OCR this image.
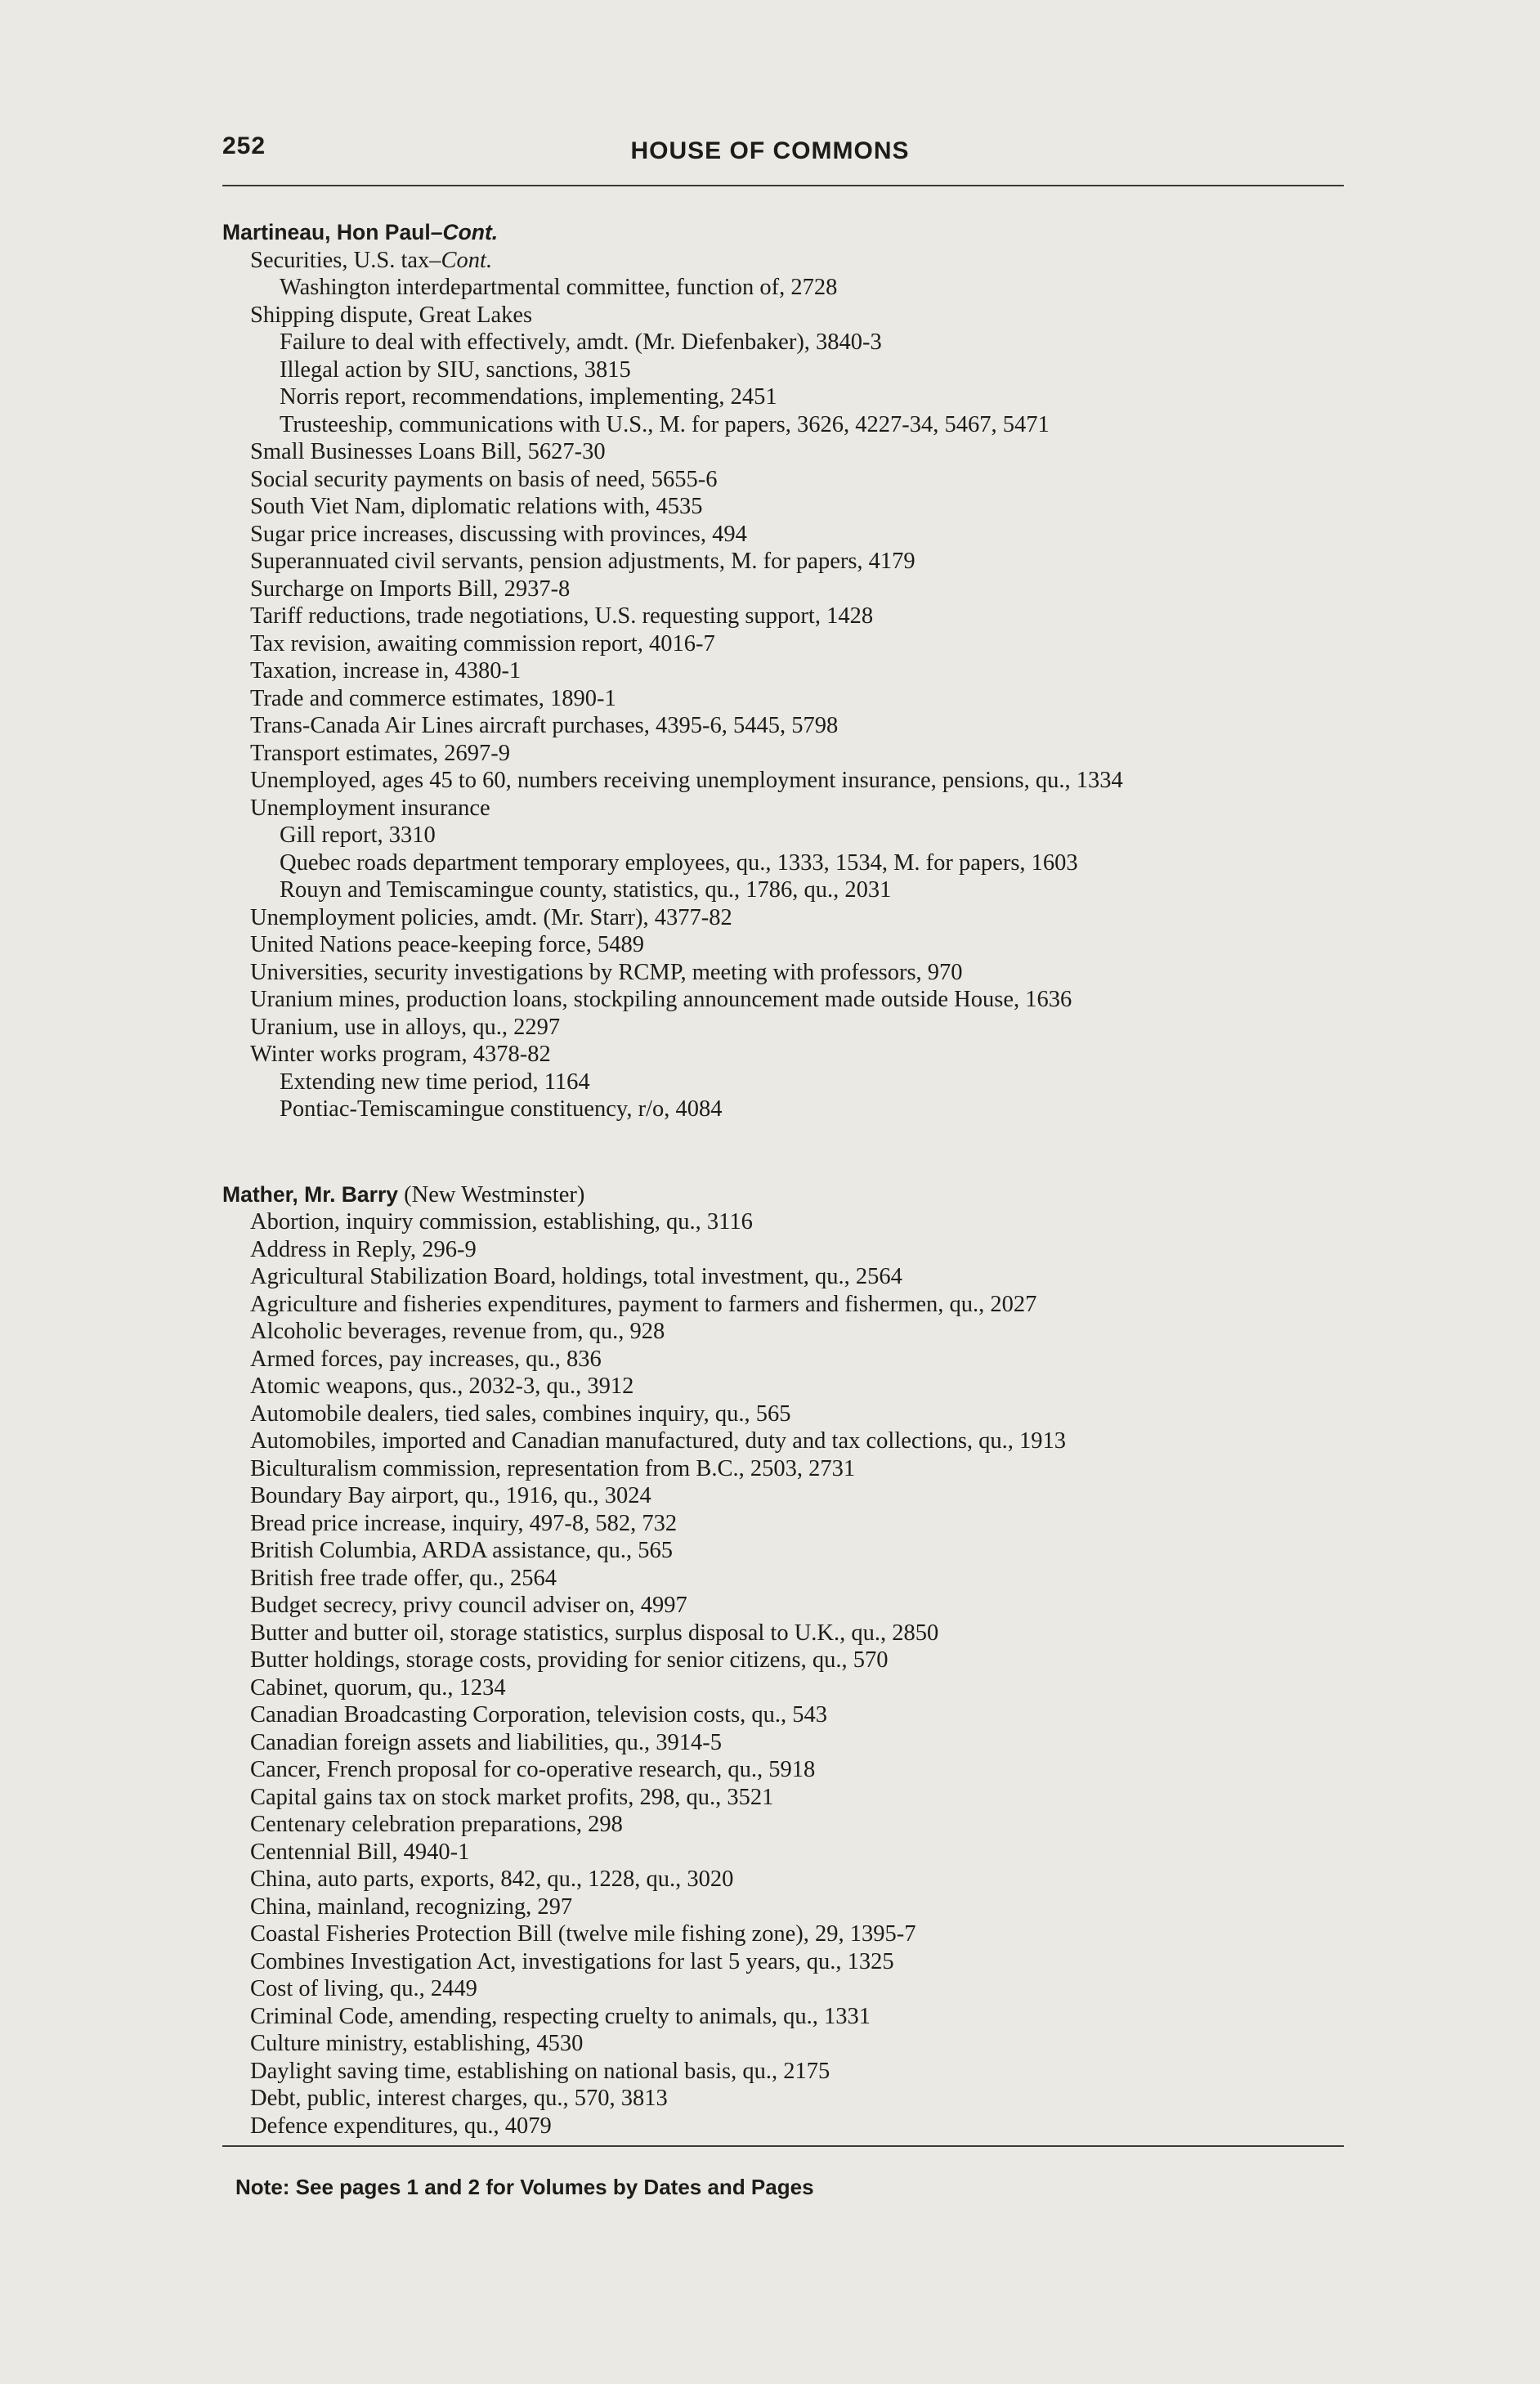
252	HOUSE OF COMMONS
Martineau, Hon Paul–Cont.
Securities, U.S. tax–Cont.
Washington interdepartmental committee, function of, 2728
Shipping dispute, Great Lakes
Failure to deal with effectively, amdt. (Mr. Diefenbaker), 3840-3
Illegal action by SIU, sanctions, 3815
Norris report, recommendations, implementing, 2451
Trusteeship, communications with U.S., M. for papers, 3626, 4227-34, 5467, 5471
Small Businesses Loans Bill, 5627-30
Social security payments on basis of need, 5655-6
South Viet Nam, diplomatic relations with, 4535
Sugar price increases, discussing with provinces, 494
Superannuated civil servants, pension adjustments, M. for papers, 4179
Surcharge on Imports Bill, 2937-8
Tariff reductions, trade negotiations, U.S. requesting support, 1428
Tax revision, awaiting commission report, 4016-7
Taxation, increase in, 4380-1
Trade and commerce estimates, 1890-1
Trans-Canada Air Lines aircraft purchases, 4395-6, 5445, 5798
Transport estimates, 2697-9
Unemployed, ages 45 to 60, numbers receiving unemployment insurance, pensions, qu., 1334
Unemployment insurance
Gill report, 3310
Quebec roads department temporary employees, qu., 1333, 1534, M. for papers, 1603
Rouyn and Temiscamingue county, statistics, qu., 1786, qu., 2031
Unemployment policies, amdt. (Mr. Starr), 4377-82
United Nations peace-keeping force, 5489
Universities, security investigations by RCMP, meeting with professors, 970
Uranium mines, production loans, stockpiling announcement made outside House, 1636
Uranium, use in alloys, qu., 2297
Winter works program, 4378-82
Extending new time period, 1164
Pontiac-Temiscamingue constituency, r/o, 4084
Mather, Mr. Barry (New Westminster)
Abortion, inquiry commission, establishing, qu., 3116
Address in Reply, 296-9
Agricultural Stabilization Board, holdings, total investment, qu., 2564
Agriculture and fisheries expenditures, payment to farmers and fishermen, qu., 2027
Alcoholic beverages, revenue from, qu., 928
Armed forces, pay increases, qu., 836
Atomic weapons, qus., 2032-3, qu., 3912
Automobile dealers, tied sales, combines inquiry, qu., 565
Automobiles, imported and Canadian manufactured, duty and tax collections, qu., 1913
Biculturalism commission, representation from B.C., 2503, 2731
Boundary Bay airport, qu., 1916, qu., 3024
Bread price increase, inquiry, 497-8, 582, 732
British Columbia, ARDA assistance, qu., 565
British free trade offer, qu., 2564
Budget secrecy, privy council adviser on, 4997
Butter and butter oil, storage statistics, surplus disposal to U.K., qu., 2850
Butter holdings, storage costs, providing for senior citizens, qu., 570
Cabinet, quorum, qu., 1234
Canadian Broadcasting Corporation, television costs, qu., 543
Canadian foreign assets and liabilities, qu., 3914-5
Cancer, French proposal for co-operative research, qu., 5918
Capital gains tax on stock market profits, 298, qu., 3521
Centenary celebration preparations, 298
Centennial Bill, 4940-1
China, auto parts, exports, 842, qu., 1228, qu., 3020
China, mainland, recognizing, 297
Coastal Fisheries Protection Bill (twelve mile fishing zone), 29, 1395-7
Combines Investigation Act, investigations for last 5 years, qu., 1325
Cost of living, qu., 2449
Criminal Code, amending, respecting cruelty to animals, qu., 1331
Culture ministry, establishing, 4530
Daylight saving time, establishing on national basis, qu., 2175
Debt, public, interest charges, qu., 570, 3813
Defence expenditures, qu., 4079
Note: See pages 1 and 2 for Volumes by Dates and Pages
